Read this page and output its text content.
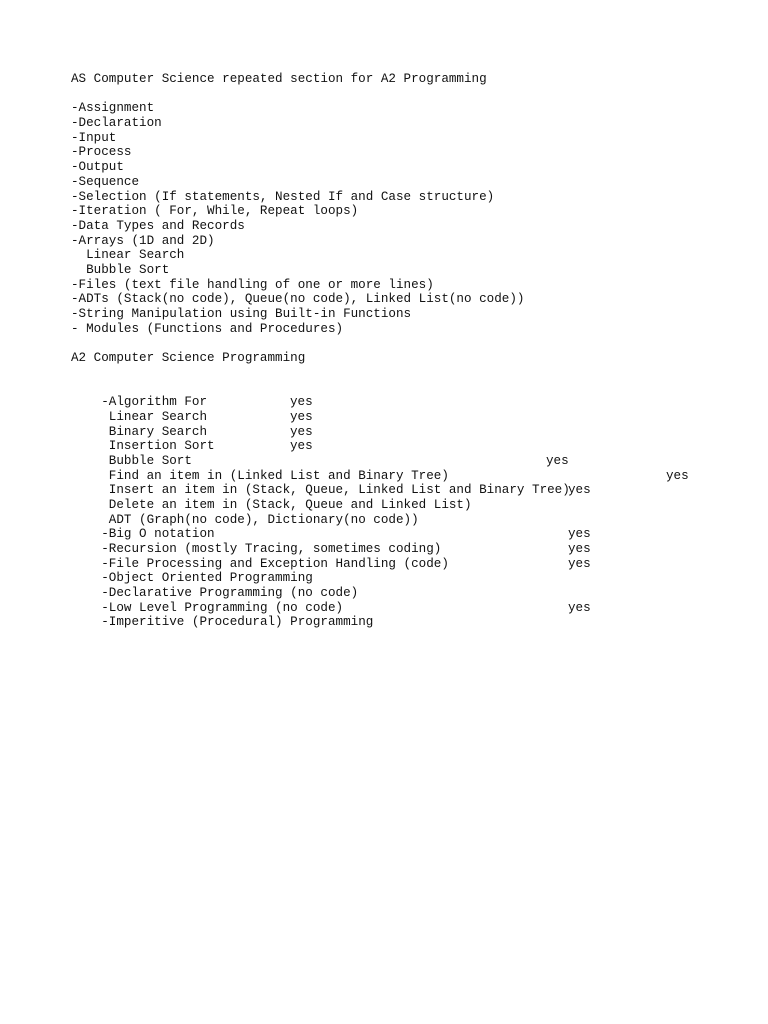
AS Computer Science repeated section for A2 Programming
-Assignment
-Declaration
-Input
-Process
-Output
-Sequence
-Selection (If statements, Nested If and Case structure)
-Iteration ( For, While, Repeat loops)
-Data Types and Records
-Arrays (1D and 2D)
Linear Search
Bubble Sort
-Files (text file handling of one or more lines)
-ADTs (Stack(no code), Queue(no code), Linked List(no code))
-String Manipulation using Built-in Functions
- Modules (Functions and Procedures)
A2 Computer Science Programming

-Algorithm For

Linear Search

yes

Binary Search

yes

Insertion Sort

yes

Bubble Sort

yes

Find an item in (Linked List and Binary Tree)

yes

Insert an item in (Stack, Queue, Linked List and Binary Tree)

yes

Delete an item in (Stack, Queue and Linked List)

yes

ADT (Graph(no code), Dictionary(no code))

-Big O notation

-Recursion (mostly Tracing, sometimes coding)

yes

-File Processing and Exception Handling (code)

yes

-Object Oriented Programming

yes

-Declarative Programming (no code)

-Low Level Programming (no code)

-Imperitive (Procedural) Programming

yes
